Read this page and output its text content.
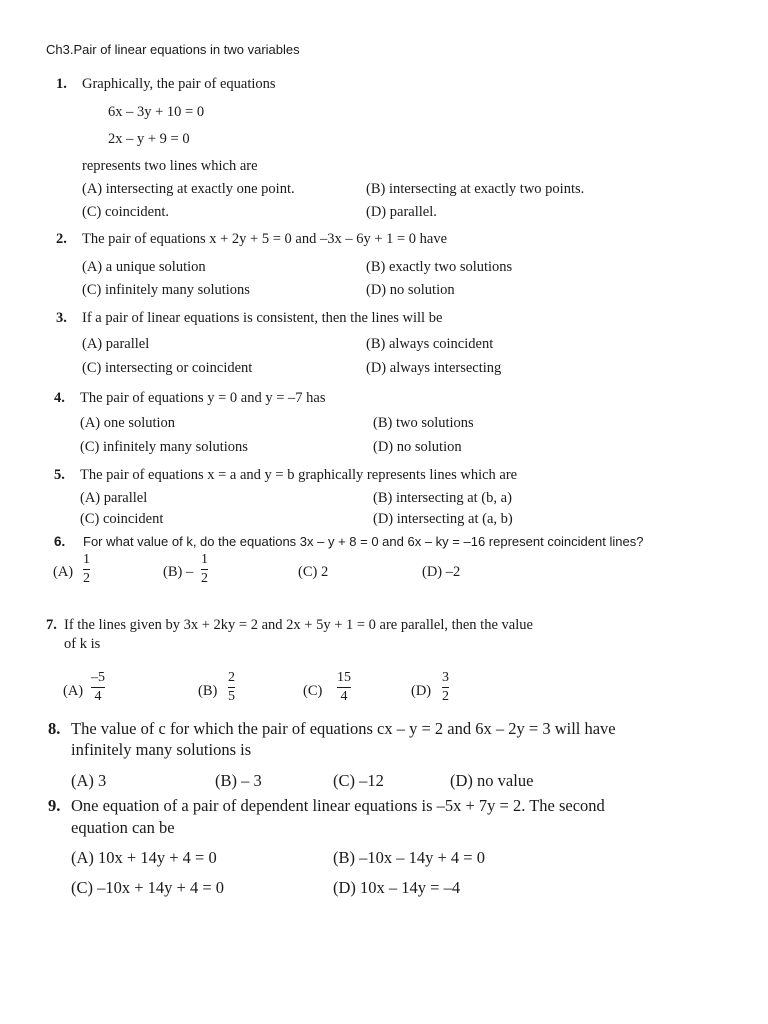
Ch3.Pair of linear equations in two variables
1. Graphically, the pair of equations
6x – 3y + 10 = 0
2x – y + 9 = 0
represents two lines which are
(A) intersecting at exactly one point.	(B) intersecting at exactly two points.
(C) coincident.	(D) parallel.
2. The pair of equations x + 2y + 5 = 0 and –3x – 6y + 1 = 0 have
(A) a unique solution	(B) exactly two solutions
(C) infinitely many solutions	(D) no solution
3. If a pair of linear equations is consistent, then the lines will be
(A) parallel	(B) always coincident
(C) intersecting or coincident	(D) always intersecting
4. The pair of equations y = 0 and y = –7 has
(A) one solution	(B) two solutions
(C) infinitely many solutions	(D) no solution
5. The pair of equations x = a and y = b graphically represents lines which are
(A) parallel	(B) intersecting at (b, a)
(C) coincident	(D) intersecting at (a, b)
6. For what value of k, do the equations 3x – y + 8 = 0 and 6x – ky = –16 represent coincident lines?
(A)
1
2	(B) –
1
2	(C) 2	(D) –2
7. If the lines given by 3x + 2ky = 2 and 2x + 5y + 1 = 0 are parallel, then the value
of k is
(A)
–5
4	(B)
2
5	(C)
15
4	(D)
3
2
8. The value of c for which the pair of equations cx – y = 2 and 6x – 2y = 3 will have
infinitely many solutions is
(A) 3	(B) – 3	(C) –12	(D) no value
9. One equation of a pair of dependent linear equations is –5x + 7y = 2. The second
equation can be
(A) 10x + 14y + 4 = 0	(B) –10x – 14y + 4 = 0
(C) –10x + 14y + 4 = 0	(D) 10x – 14y = –4
